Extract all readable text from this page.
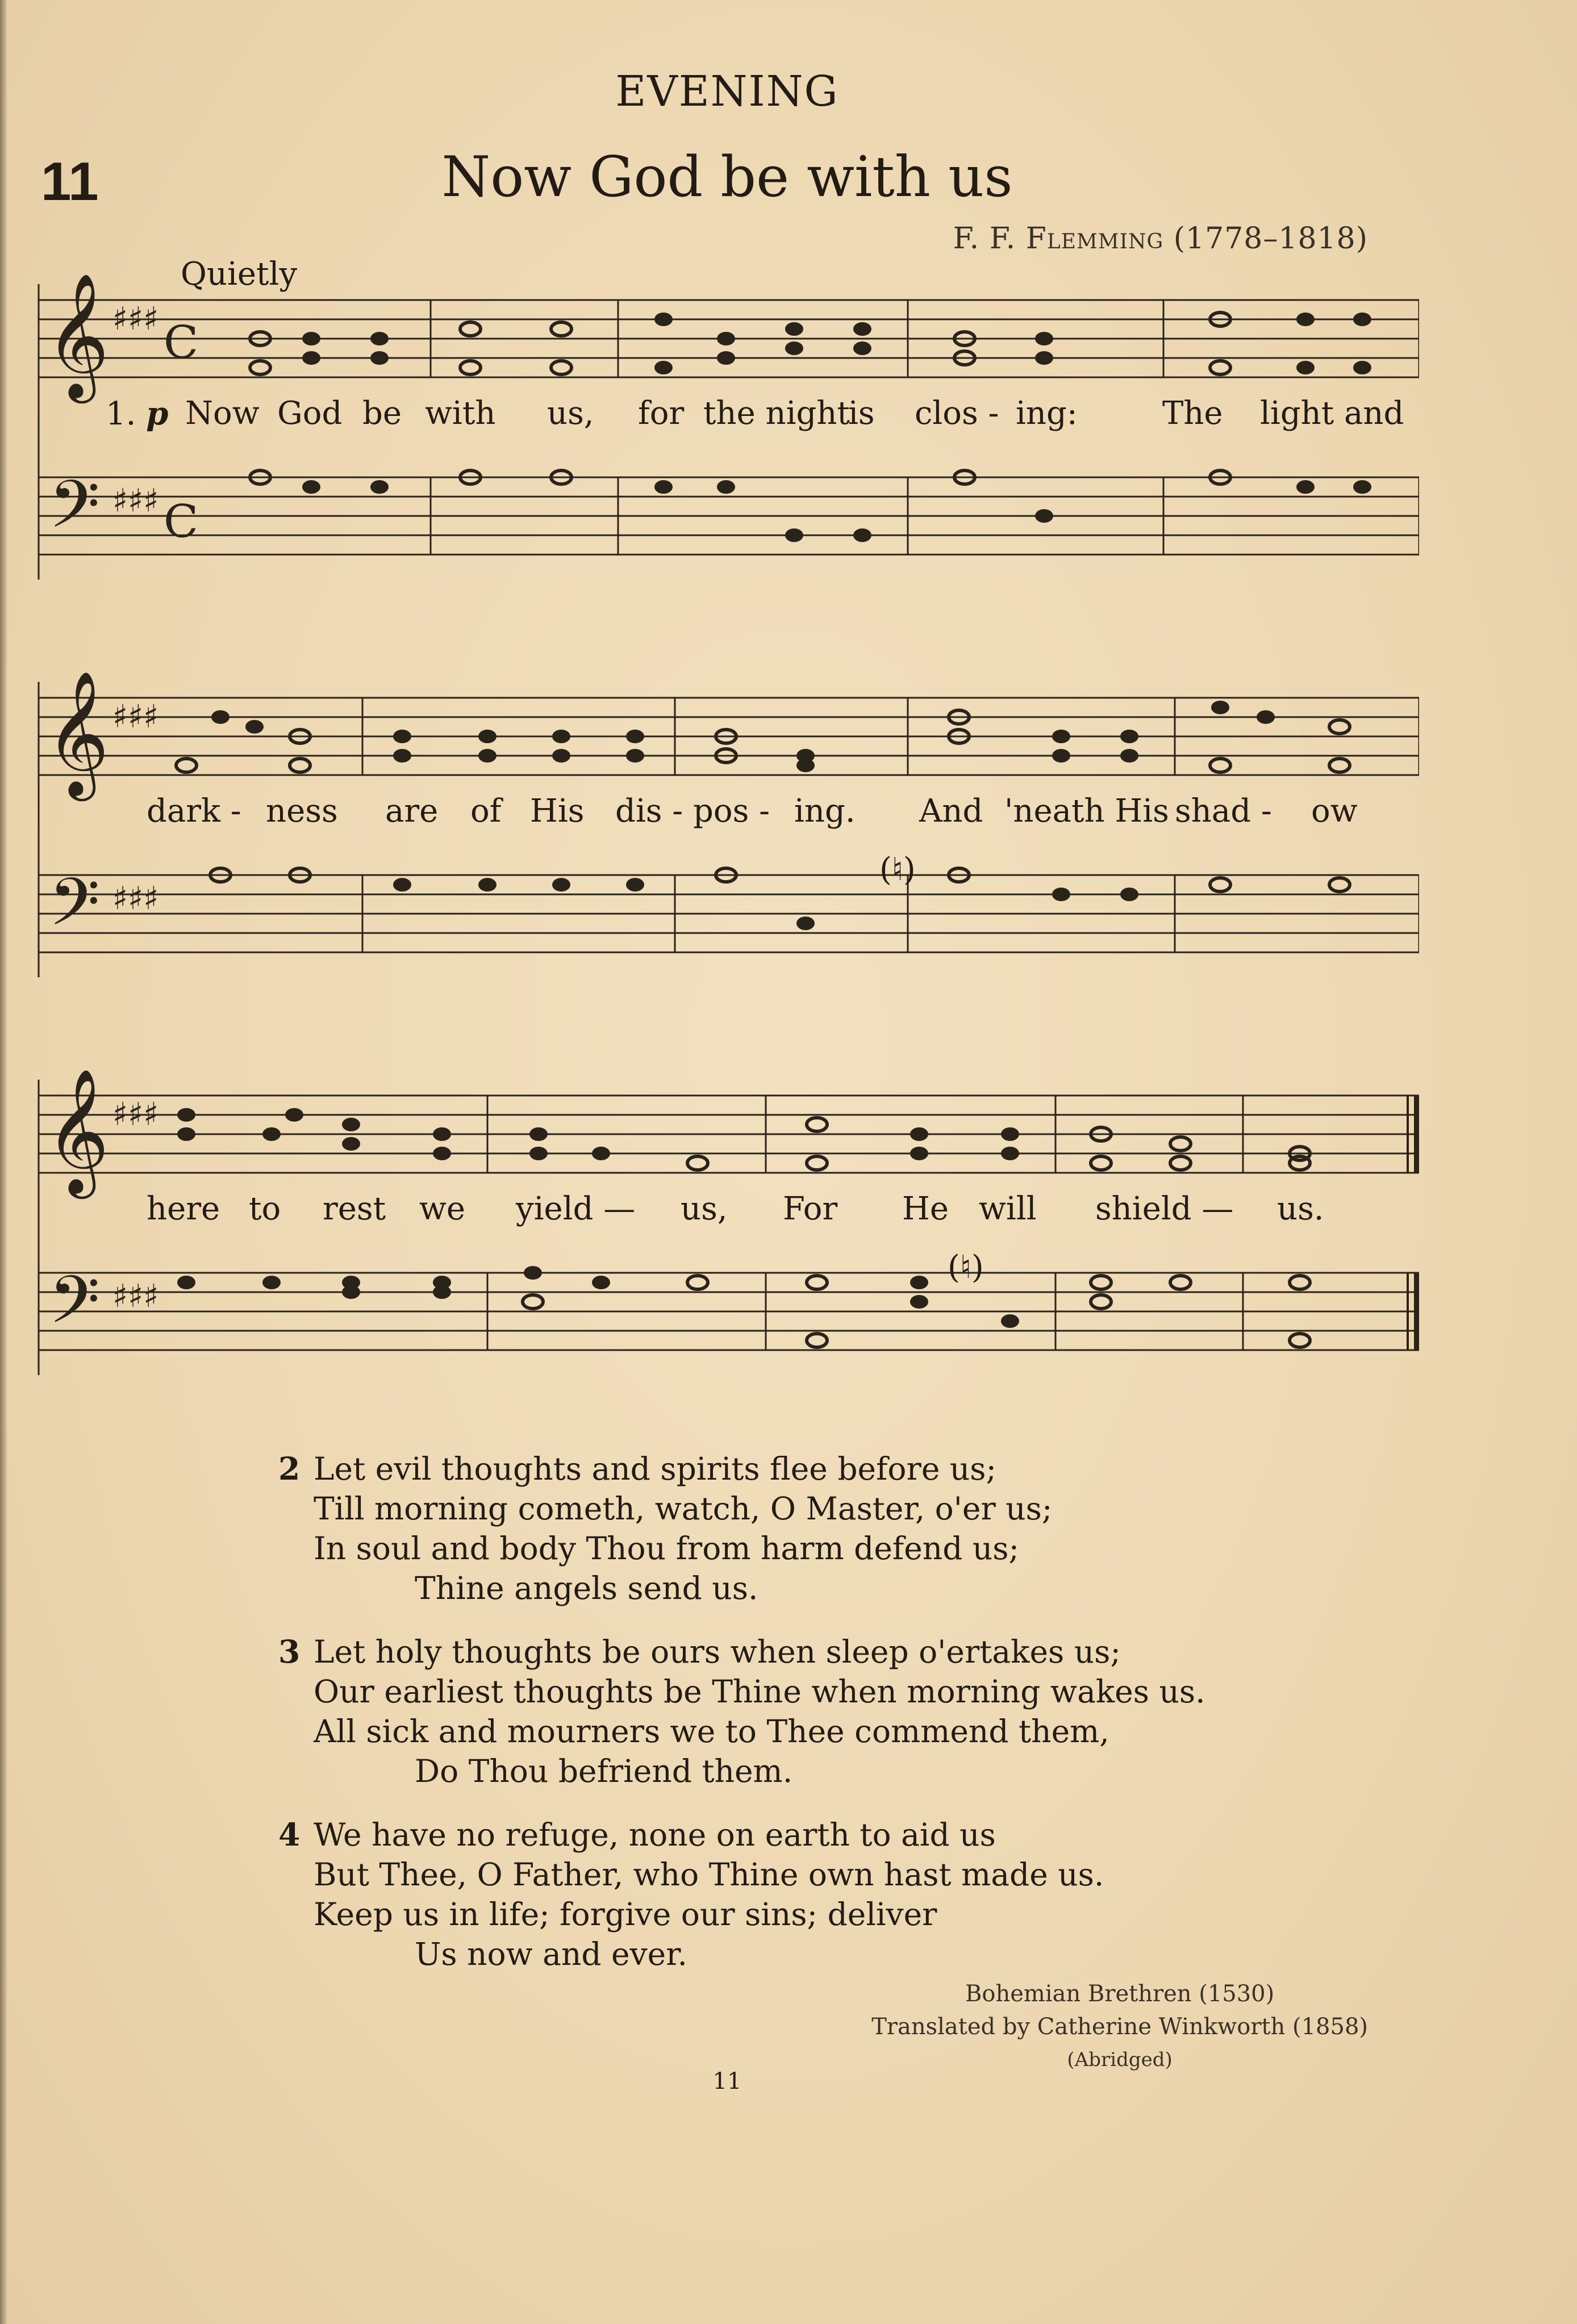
EVENING
11	Now God be with us
F. F. Flemming (1778–1818)
Quietly
𝄞
𝄢
♯♯♯
♯♯♯
C
C
1. p Now God be with us, for the night
is clos - ing:	The light and
𝄞
𝄢
♯♯♯
♯♯♯
dark - ness are of His dis - pos - ing. And 'neath His shad - ow
(♮)
𝄞
𝄢
♯♯♯
♯♯♯
here to rest we yield — us, For He will shield — us.
(♮)
2 Let evil thoughts and spirits flee before us;
Till morning cometh, watch, O Master, o'er us;
In soul and body Thou from harm defend us;
Thine angels send us.
3 Let holy thoughts be ours when sleep o'ertakes us;
Our earliest thoughts be Thine when morning wakes us.
All sick and mourners we to Thee commend them,
Do Thou befriend them.
4 We have no refuge, none on earth to aid us
But Thee, O Father, who Thine own hast made us.
Keep us in life; forgive our sins; deliver
Us now and ever.
Bohemian Brethren (1530)
Translated by Catherine Winkworth (1858)
(Abridged)
11
